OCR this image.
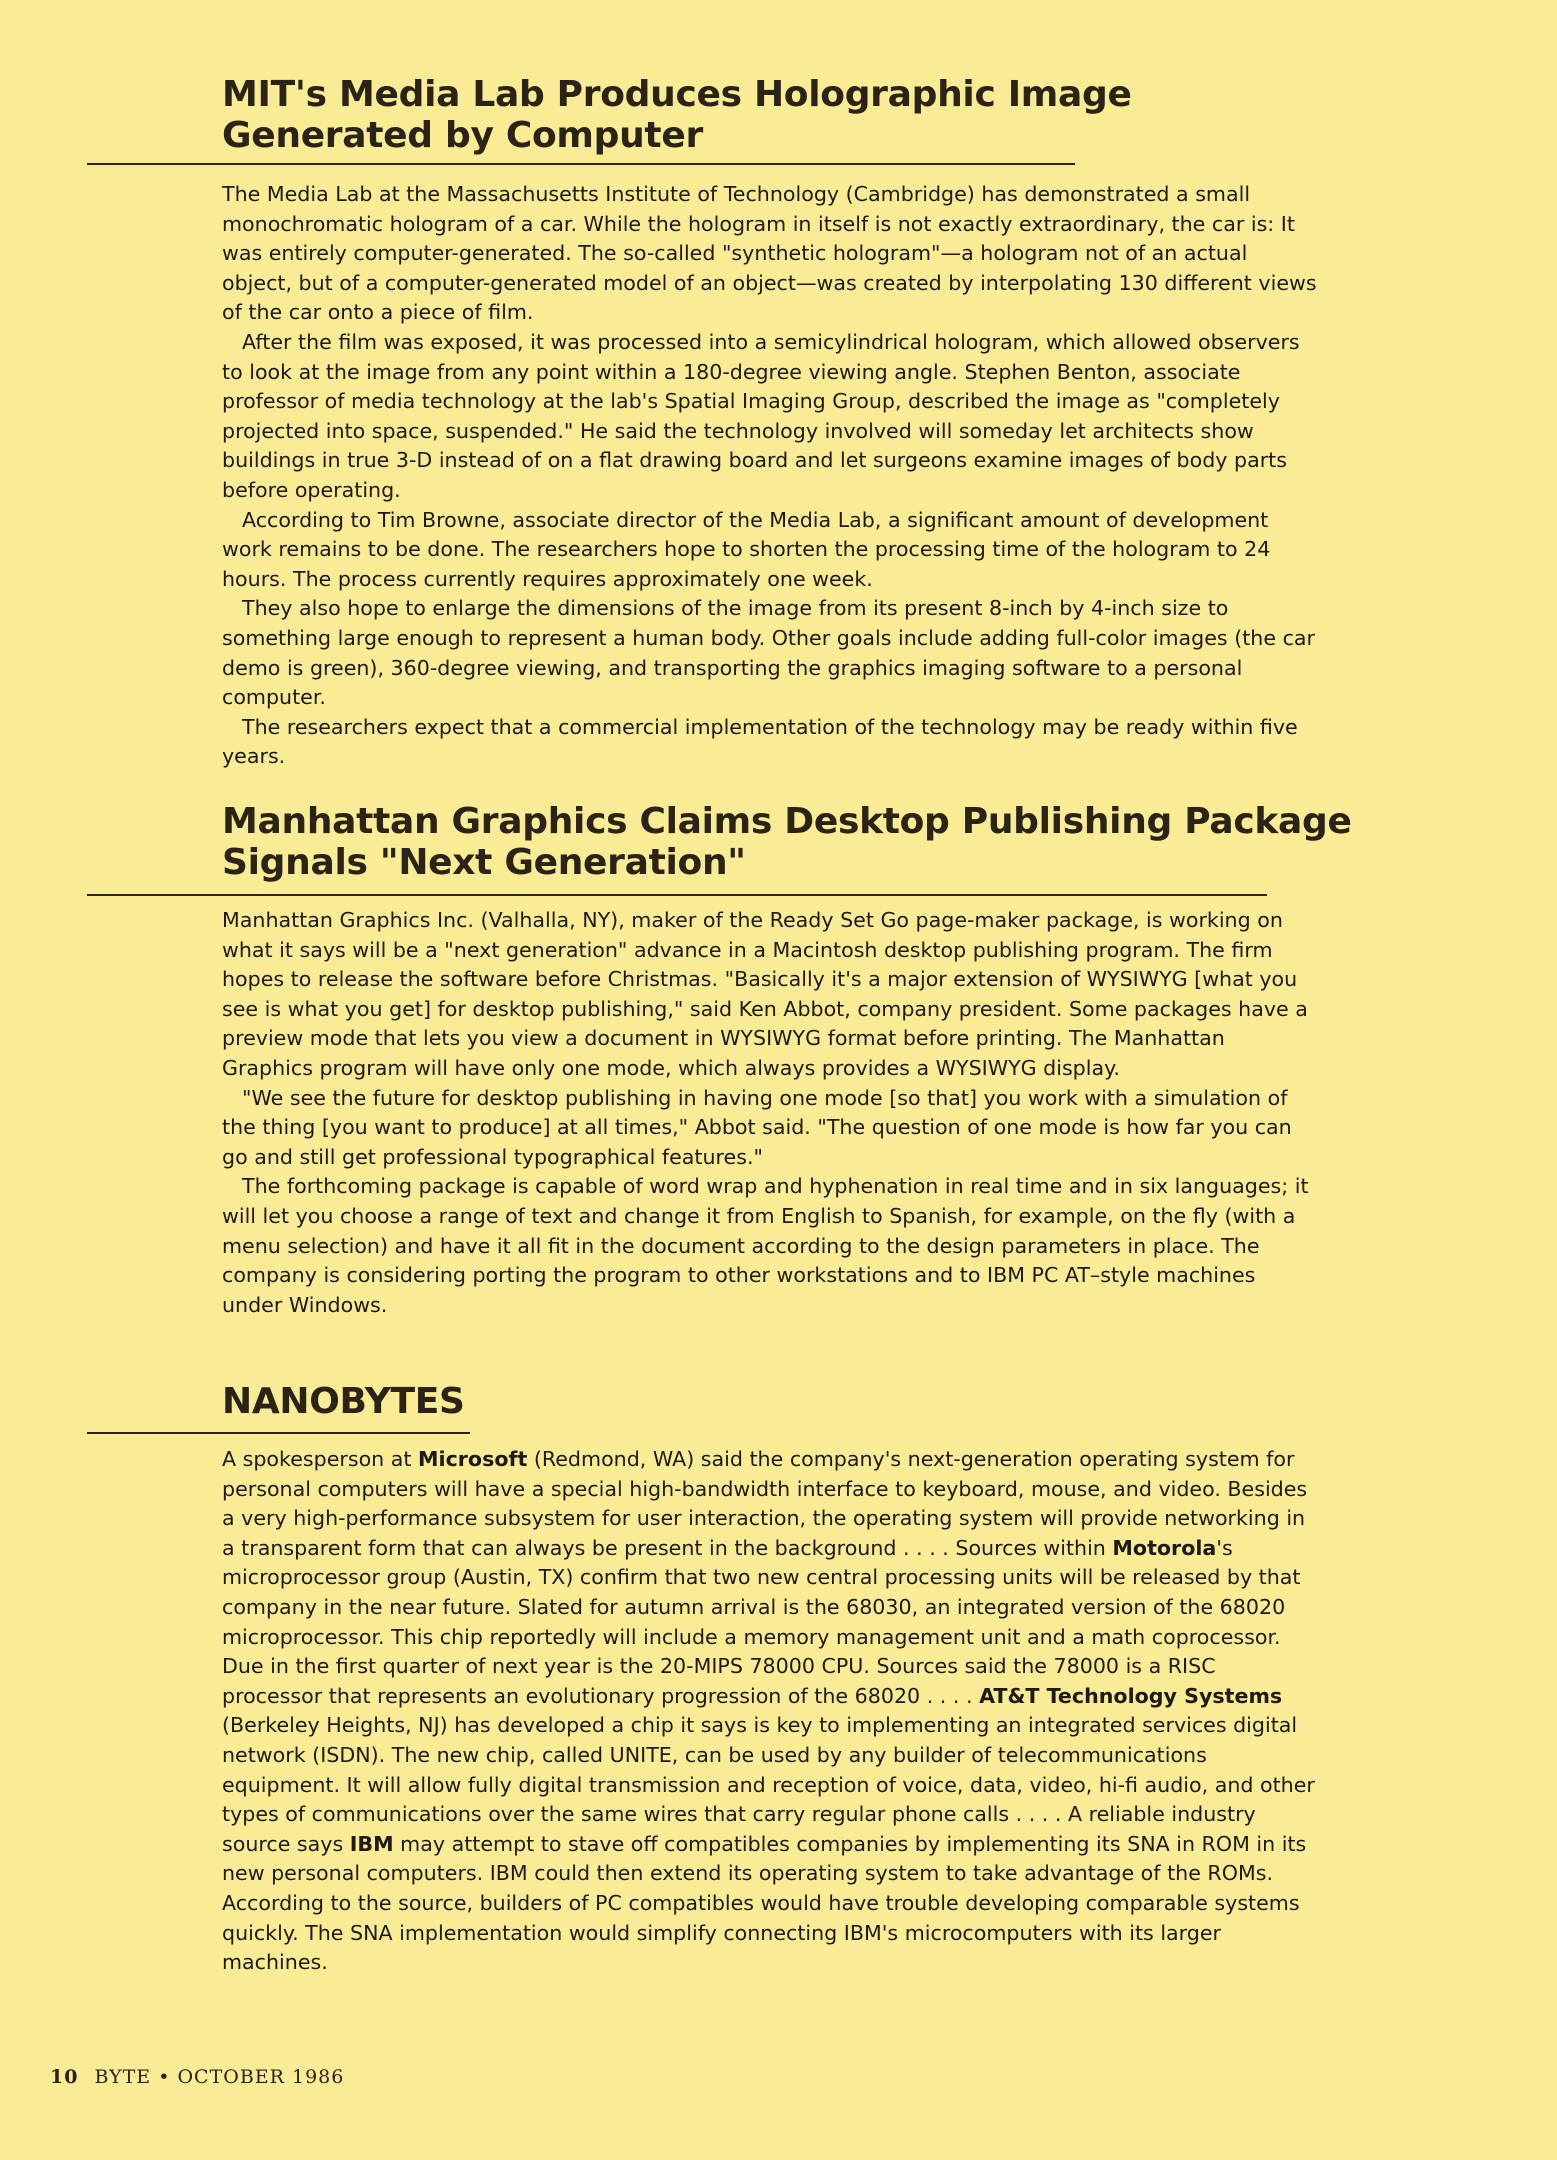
MIT's Media Lab Produces Holographic Image
Generated by Computer

The Media Lab at the Massachusetts Institute of Technology (Cambridge) has demonstrated a small monochromatic hologram of a car. While the hologram in itself is not exactly extraordinary, the car is: It was entirely computer-generated. The so-called "synthetic hologram"—a hologram not of an actual object, but of a computer-generated model of an object—was created by interpolating 130 different views of the car onto a piece of film.

After the film was exposed, it was processed into a semicylindrical hologram, which allowed observers to look at the image from any point within a 180-degree viewing angle. Stephen Benton, associate professor of media technology at the lab's Spatial Imaging Group, described the image as "completely projected into space, suspended." He said the technology involved will someday let architects show buildings in true 3-D instead of on a flat drawing board and let surgeons examine images of body parts before operating.

According to Tim Browne, associate director of the Media Lab, a significant amount of development work remains to be done. The researchers hope to shorten the processing time of the hologram to 24 hours. The process currently requires approximately one week.

They also hope to enlarge the dimensions of the image from its present 8-inch by 4-inch size to something large enough to represent a human body. Other goals include adding full-color images (the car demo is green), 360-degree viewing, and transporting the graphics imaging software to a personal computer.

The researchers expect that a commercial implementation of the technology may be ready within five years.

Manhattan Graphics Claims Desktop Publishing Package
Signals "Next Generation"

Manhattan Graphics Inc. (Valhalla, NY), maker of the Ready Set Go page-maker package, is working on what it says will be a "next generation" advance in a Macintosh desktop publishing program. The firm hopes to release the software before Christmas. "Basically it's a major extension of WYSIWYG [what you see is what you get] for desktop publishing," said Ken Abbot, company president. Some packages have a preview mode that lets you view a document in WYSIWYG format before printing. The Manhattan Graphics program will have only one mode, which always provides a WYSIWYG display.

"We see the future for desktop publishing in having one mode [so that] you work with a simulation of the thing [you want to produce] at all times," Abbot said. "The question of one mode is how far you can go and still get professional typographical features."

The forthcoming package is capable of word wrap and hyphenation in real time and in six languages; it will let you choose a range of text and change it from English to Spanish, for example, on the fly (with a menu selection) and have it all fit in the document according to the design parameters in place. The company is considering porting the program to other workstations and to IBM PC AT–style machines under Windows.

NANOBYTES

A spokesperson at Microsoft (Redmond, WA) said the company's next-generation operating system for personal computers will have a special high-bandwidth interface to keyboard, mouse, and video. Besides a very high-performance subsystem for user interaction, the operating system will provide networking in a transparent form that can always be present in the background . . . . Sources within Motorola's microprocessor group (Austin, TX) confirm that two new central processing units will be released by that company in the near future. Slated for autumn arrival is the 68030, an integrated version of the 68020 microprocessor. This chip reportedly will include a memory management unit and a math coprocessor. Due in the first quarter of next year is the 20-MIPS 78000 CPU. Sources said the 78000 is a RISC processor that represents an evolutionary progression of the 68020 . . . . AT&T Technology Systems (Berkeley Heights, NJ) has developed a chip it says is key to implementing an integrated services digital network (ISDN). The new chip, called UNITE, can be used by any builder of telecommunications equipment. It will allow fully digital transmission and reception of voice, data, video, hi-fi audio, and other types of communications over the same wires that carry regular phone calls . . . . A reliable industry source says IBM may attempt to stave off compatibles companies by implementing its SNA in ROM in its new personal computers. IBM could then extend its operating system to take advantage of the ROMs. According to the source, builders of PC compatibles would have trouble developing comparable systems quickly. The SNA implementation would simplify connecting IBM's microcomputers with its larger machines.

10 BYTE • OCTOBER 1986
